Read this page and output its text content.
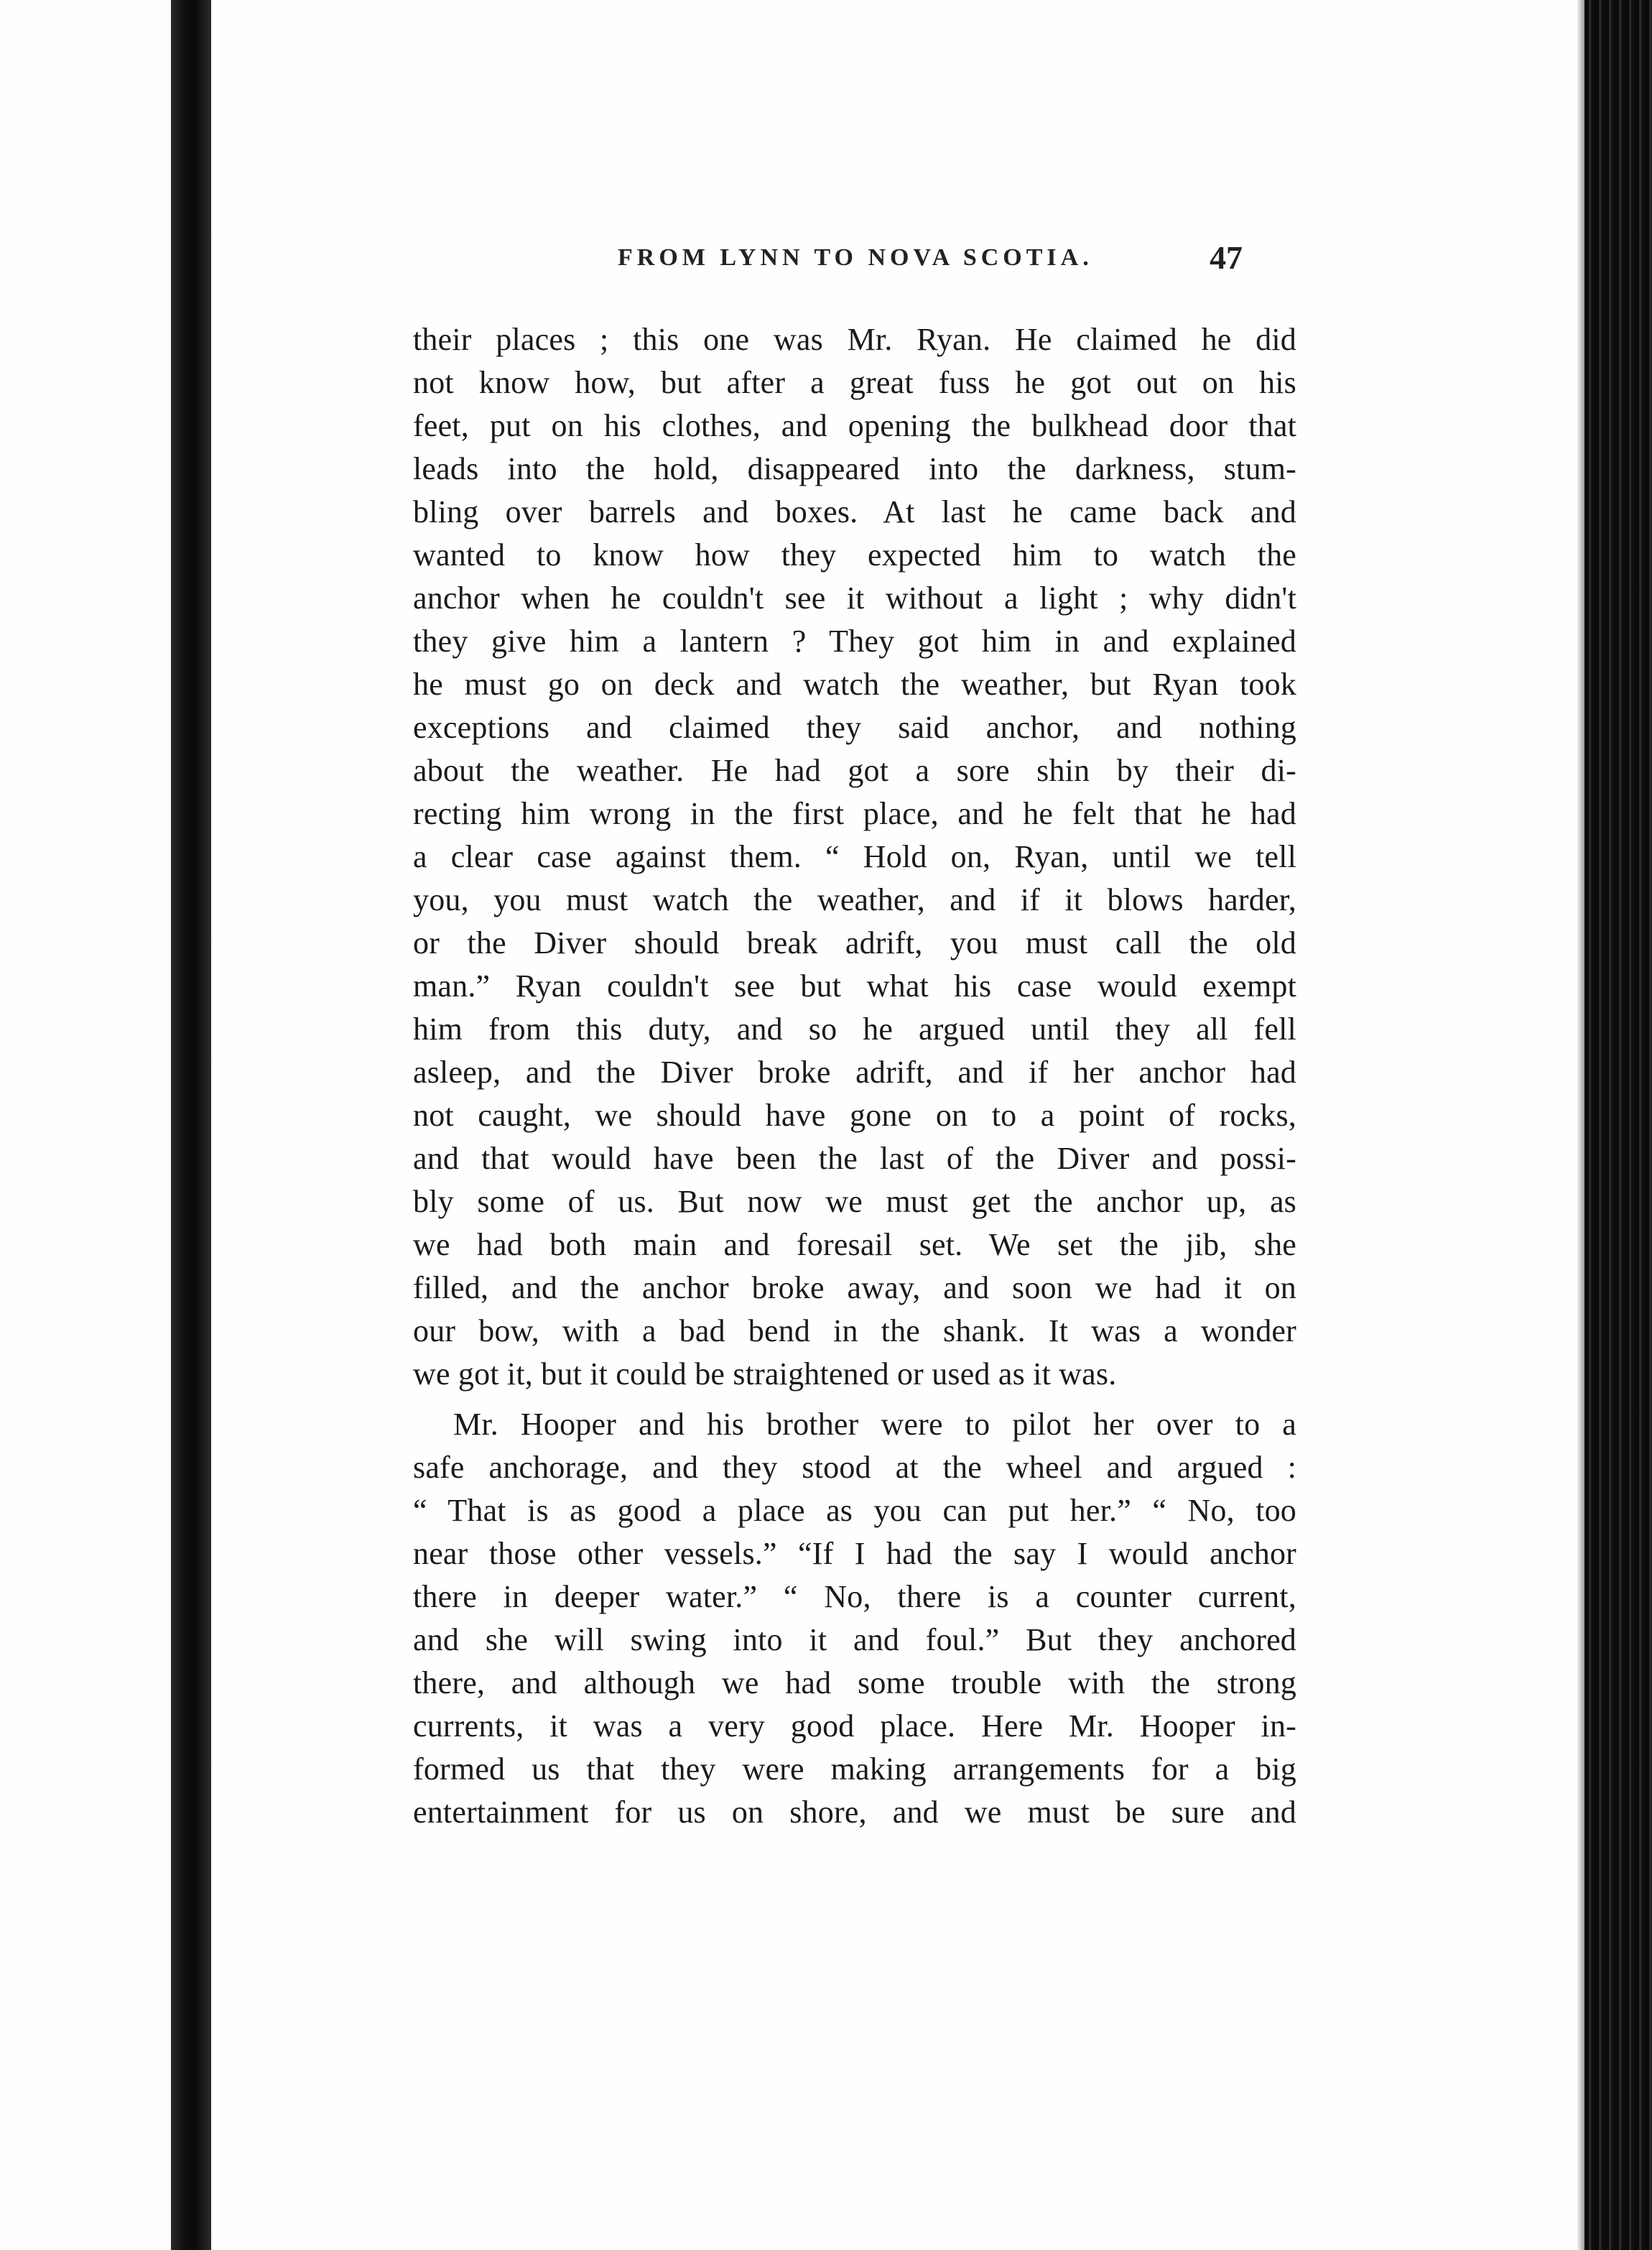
FROM LYNN TO NOVA SCOTIA.	47
their places ; this one was Mr. Ryan. He claimed he did
not know how, but after a great fuss he got out on his
feet, put on his clothes, and opening the bulkhead door that
leads into the hold, disappeared into the darkness, stum-
bling over barrels and boxes. At last he came back and
wanted to know how they expected him to watch the
anchor when he couldn't see it without a light ; why didn't
they give him a lantern ? They got him in and explained
he must go on deck and watch the weather, but Ryan took
exceptions and claimed they said anchor, and nothing
about the weather. He had got a sore shin by their di-
recting him wrong in the first place, and he felt that he had
a clear case against them. “ Hold on, Ryan, until we tell
you, you must watch the weather, and if it blows harder,
or the Diver should break adrift, you must call the old
man.” Ryan couldn't see but what his case would exempt
him from this duty, and so he argued until they all fell
asleep, and the Diver broke adrift, and if her anchor had
not caught, we should have gone on to a point of rocks,
and that would have been the last of the Diver and possi-
bly some of us. But now we must get the anchor up, as
we had both main and foresail set. We set the jib, she
filled, and the anchor broke away, and soon we had it on
our bow, with a bad bend in the shank. It was a wonder
we got it, but it could be straightened or used as it was.
Mr. Hooper and his brother were to pilot her over to a
safe anchorage, and they stood at the wheel and argued :
“ That is as good a place as you can put her.” “ No, too
near those other vessels.” “If I had the say I would anchor
there in deeper water.” “ No, there is a counter current,
and she will swing into it and foul.” But they anchored
there, and although we had some trouble with the strong
currents, it was a very good place. Here Mr. Hooper in-
formed us that they were making arrangements for a big
entertainment for us on shore, and we must be sure and
